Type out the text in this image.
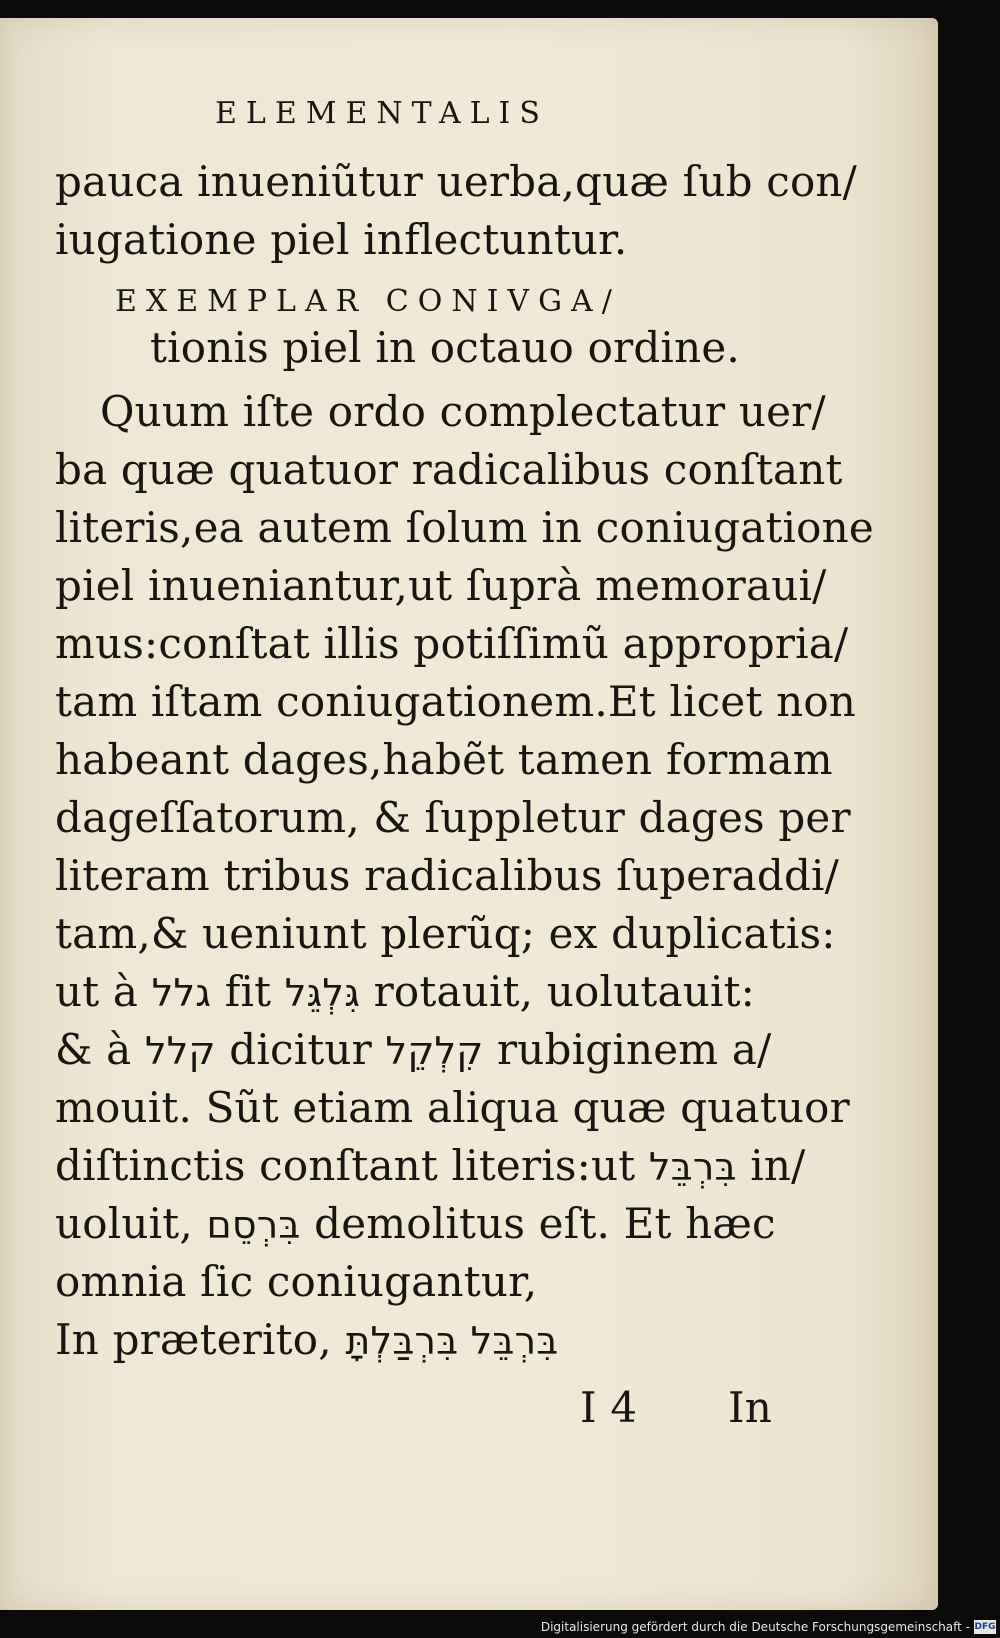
ELEMENTALIS
pauca inueniũtur uerba,quæ ſub con/
iugatione piel inflectuntur.
EXEMPLAR CONIVGA/
tionis piel in octauo ordine.
Quum iſte ordo complectatur uer/
ba quæ quatuor radicalibus conſtant
literis,ea autem ſolum in coniugatione
piel inueniantur,ut ſuprà memoraui/
mus:conſtat illis potiſſimũ appropria/
tam iſtam coniugationem.Et licet non
habeant dages,habẽt tamen formam
dageſſatorum, & ſuppletur dages per
literam tribus radicalibus ſuperaddi/
tam,& ueniunt plerũq; ex duplicatis:
ut à גלל fit גִּלְגֵּל rotauit, uolutauit:
& à קלל dicitur קִלְקֵל rubiginem a/
mouit. Sũt etiam aliqua quæ quatuor
diſtinctis conſtant literis:ut בִּרְבֵּל in/
uoluit, בִּרְסֵם demolitus eſt. Et hæc
omnia ſic coniugantur,
In præterito, בִּרְבֵּל בִּרְבַּלְתָּ
I 4	In
Digitalisierung gefördert durch die Deutsche Forschungsgemeinschaft - DFG
